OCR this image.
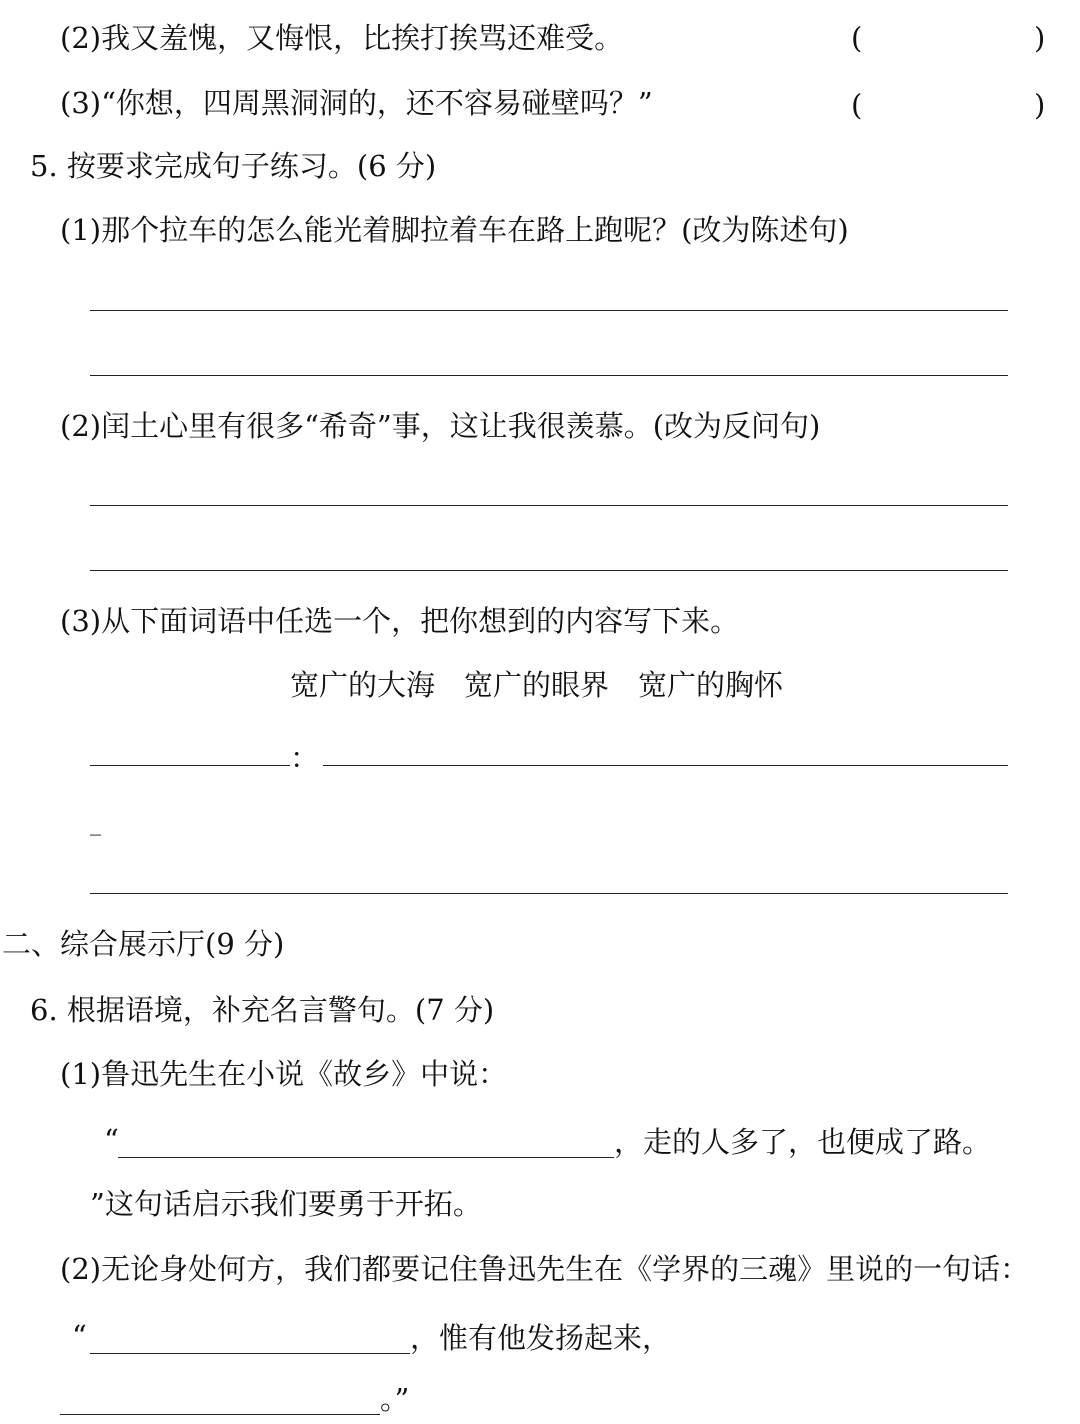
(2)我又羞愧，又悔恨，比挨打挨骂还难受。	(	)
(3)“你想，四周黑洞洞的，还不容易碰壁吗？”	(	)
5. 按要求完成句子练习。(6 分)
(1)那个拉车的怎么能光着脚拉着车在路上跑呢？(改为陈述句)
(2)闰土心里有很多“希奇”事，这让我很羡慕。(改为反问句)
(3)从下面词语中任选一个，把你想到的内容写下来。
宽广的大海　宽广的眼界　宽广的胸怀
：
_
二、综合展示厅(9 分)
6. 根据语境，补充名言警句。(7 分)
(1)鲁迅先生在小说《故乡》中说：
“	，走的人多了，也便成了路。
”这句话启示我们要勇于开拓。
(2)无论身处何方，我们都要记住鲁迅先生在《学界的三魂》里说的一句话：
“	，惟有他发扬起来，
。”
